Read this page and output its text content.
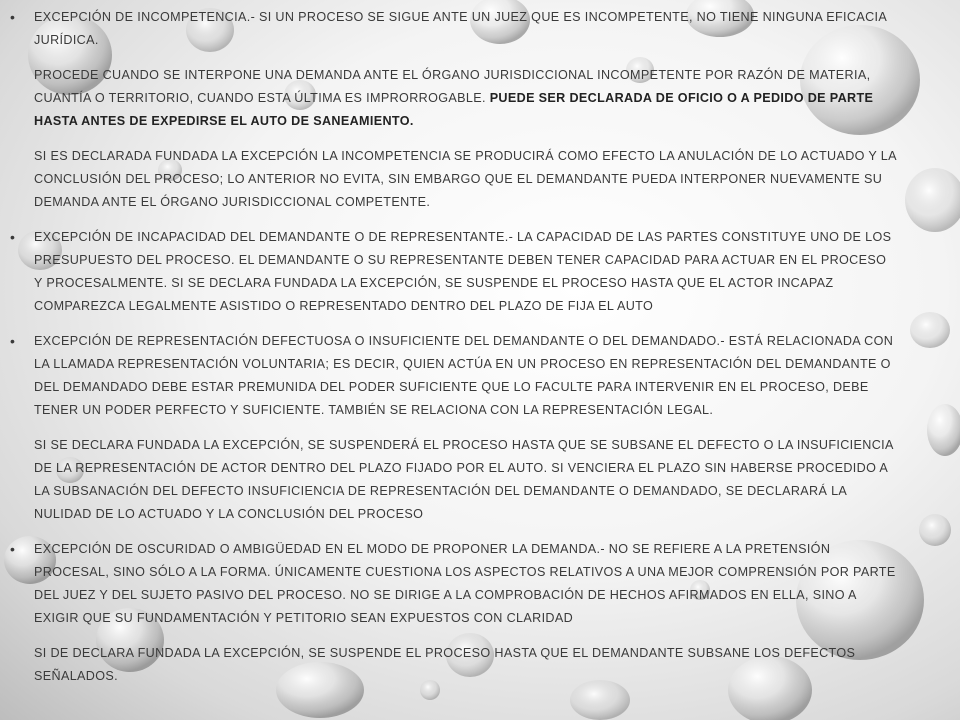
• EXCEPCIÓN DE INCOMPETENCIA.- SI UN PROCESO SE SIGUE ANTE UN JUEZ QUE ES INCOMPETENTE, NO TIENE NINGUNA EFICACIA JURÍDICA.

PROCEDE CUANDO SE INTERPONE UNA DEMANDA ANTE EL ÓRGANO JURISDICCIONAL INCOMPETENTE POR RAZÓN DE MATERIA, CUANTÍA O TERRITORIO, CUANDO ESTA ÚLTIMA ES IMPRORROGABLE. PUEDE SER DECLARADA DE OFICIO O A PEDIDO DE PARTE HASTA ANTES DE EXPEDIRSE EL AUTO DE SANEAMIENTO.

SI ES DECLARADA FUNDADA LA EXCEPCIÓN LA INCOMPETENCIA SE PRODUCIRÁ COMO EFECTO LA ANULACIÓN DE LO ACTUADO Y LA CONCLUSIÓN DEL PROCESO; LO ANTERIOR NO EVITA, SIN EMBARGO QUE EL DEMANDANTE PUEDA INTERPONER NUEVAMENTE SU DEMANDA ANTE EL ÓRGANO JURISDICCIONAL COMPETENTE.

• EXCEPCIÓN DE INCAPACIDAD DEL DEMANDANTE O DE REPRESENTANTE.- LA CAPACIDAD DE LAS PARTES CONSTITUYE UNO DE LOS PRESUPUESTO DEL PROCESO. EL DEMANDANTE O SU REPRESENTANTE DEBEN TENER CAPACIDAD PARA ACTUAR EN EL PROCESO Y PROCESALMENTE. SI SE DECLARA FUNDADA LA EXCEPCIÓN, SE SUSPENDE EL PROCESO HASTA QUE EL ACTOR INCAPAZ COMPAREZCA LEGALMENTE ASISTIDO O REPRESENTADO DENTRO DEL PLAZO DE FIJA EL AUTO

• EXCEPCIÓN DE REPRESENTACIÓN DEFECTUOSA O INSUFICIENTE DEL DEMANDANTE O DEL DEMANDADO.- ESTÁ RELACIONADA CON LA LLAMADA REPRESENTACIÓN VOLUNTARIA; ES DECIR, QUIEN ACTÚA EN UN PROCESO EN REPRESENTACIÓN DEL DEMANDANTE O DEL DEMANDADO DEBE ESTAR PREMUNIDA DEL PODER SUFICIENTE QUE LO FACULTE PARA INTERVENIR EN EL PROCESO, DEBE TENER UN PODER PERFECTO Y SUFICIENTE. TAMBIÉN SE RELACIONA CON LA REPRESENTACIÓN LEGAL.

SI SE DECLARA FUNDADA LA EXCEPCIÓN, SE SUSPENDERÁ EL PROCESO HASTA QUE SE SUBSANE EL DEFECTO O LA INSUFICIENCIA DE LA REPRESENTACIÓN DE ACTOR DENTRO DEL PLAZO FIJADO POR EL AUTO. SI VENCIERA EL PLAZO SIN HABERSE PROCEDIDO A LA SUBSANACIÓN DEL DEFECTO INSUFICIENCIA DE REPRESENTACIÓN DEL DEMANDANTE O DEMANDADO, SE DECLARARÁ LA NULIDAD DE LO ACTUADO Y LA CONCLUSIÓN DEL PROCESO

• EXCEPCIÓN DE OSCURIDAD O AMBIGÜEDAD EN EL MODO DE PROPONER LA DEMANDA.- NO SE REFIERE A LA PRETENSIÓN PROCESAL, SINO SÓLO A LA FORMA. ÚNICAMENTE CUESTIONA LOS ASPECTOS RELATIVOS A UNA MEJOR COMPRENSIÓN POR PARTE DEL JUEZ Y DEL SUJETO PASIVO DEL PROCESO. NO SE DIRIGE A LA COMPROBACIÓN DE HECHOS AFIRMADOS EN ELLA, SINO A EXIGIR QUE SU FUNDAMENTACIÓN Y PETITORIO SEAN EXPUESTOS CON CLARIDAD

SI DE DECLARA FUNDADA LA EXCEPCIÓN, SE SUSPENDE EL PROCESO HASTA QUE EL DEMANDANTE SUBSANE LOS DEFECTOS SEÑALADOS.
